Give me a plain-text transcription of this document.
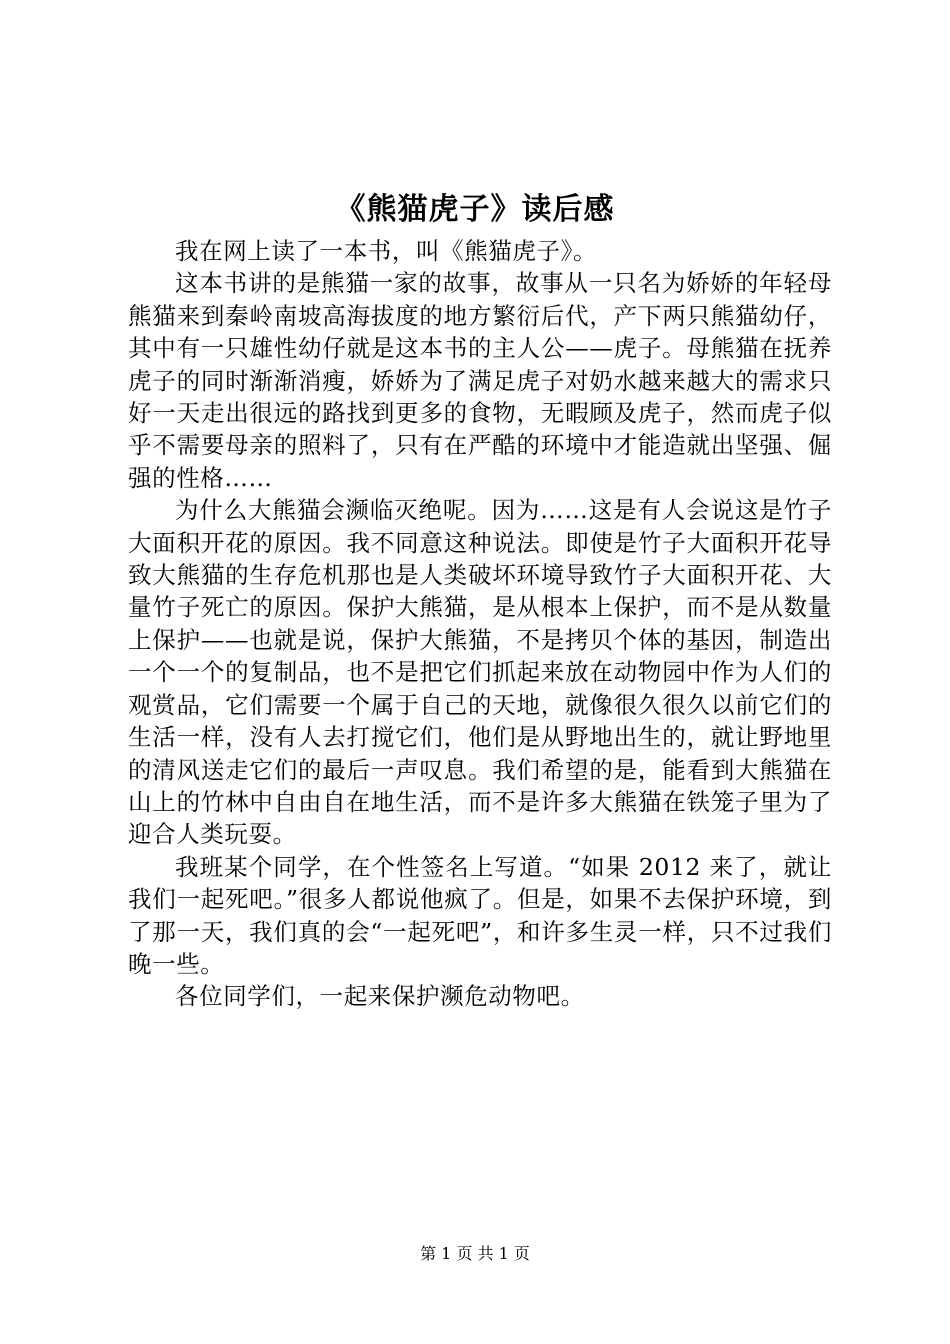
《熊猫虎子》读后感

我在网上读了一本书，叫《熊猫虎子》。

这本书讲的是熊猫一家的故事，故事从一只名为娇娇的年轻母熊猫来到秦岭南坡高海拔度的地方繁衍后代，产下两只熊猫幼仔，其中有一只雄性幼仔就是这本书的主人公——虎子。母熊猫在抚养虎子的同时渐渐消瘦，娇娇为了满足虎子对奶水越来越大的需求只好一天走出很远的路找到更多的食物，无暇顾及虎子，然而虎子似乎不需要母亲的照料了，只有在严酷的环境中才能造就出坚强、倔强的性格……

为什么大熊猫会濒临灭绝呢。因为……这是有人会说这是竹子大面积开花的原因。我不同意这种说法。即使是竹子大面积开花导致大熊猫的生存危机那也是人类破坏环境导致竹子大面积开花、大量竹子死亡的原因。保护大熊猫，是从根本上保护，而不是从数量上保护——也就是说，保护大熊猫，不是拷贝个体的基因，制造出一个一个的复制品，也不是把它们抓起来放在动物园中作为人们的观赏品，它们需要一个属于自己的天地，就像很久很久以前它们的生活一样，没有人去打搅它们，他们是从野地出生的，就让野地里的清风送走它们的最后一声叹息。我们希望的是，能看到大熊猫在山上的竹林中自由自在地生活，而不是许多大熊猫在铁笼子里为了迎合人类玩耍。

我班某个同学，在个性签名上写道。“如果 2012 来了，就让我们一起死吧。”很多人都说他疯了。但是，如果不去保护环境，到了那一天，我们真的会“一起死吧”，和许多生灵一样，只不过我们晚一些。

各位同学们，一起来保护濒危动物吧。

第 1 页 共 1 页
